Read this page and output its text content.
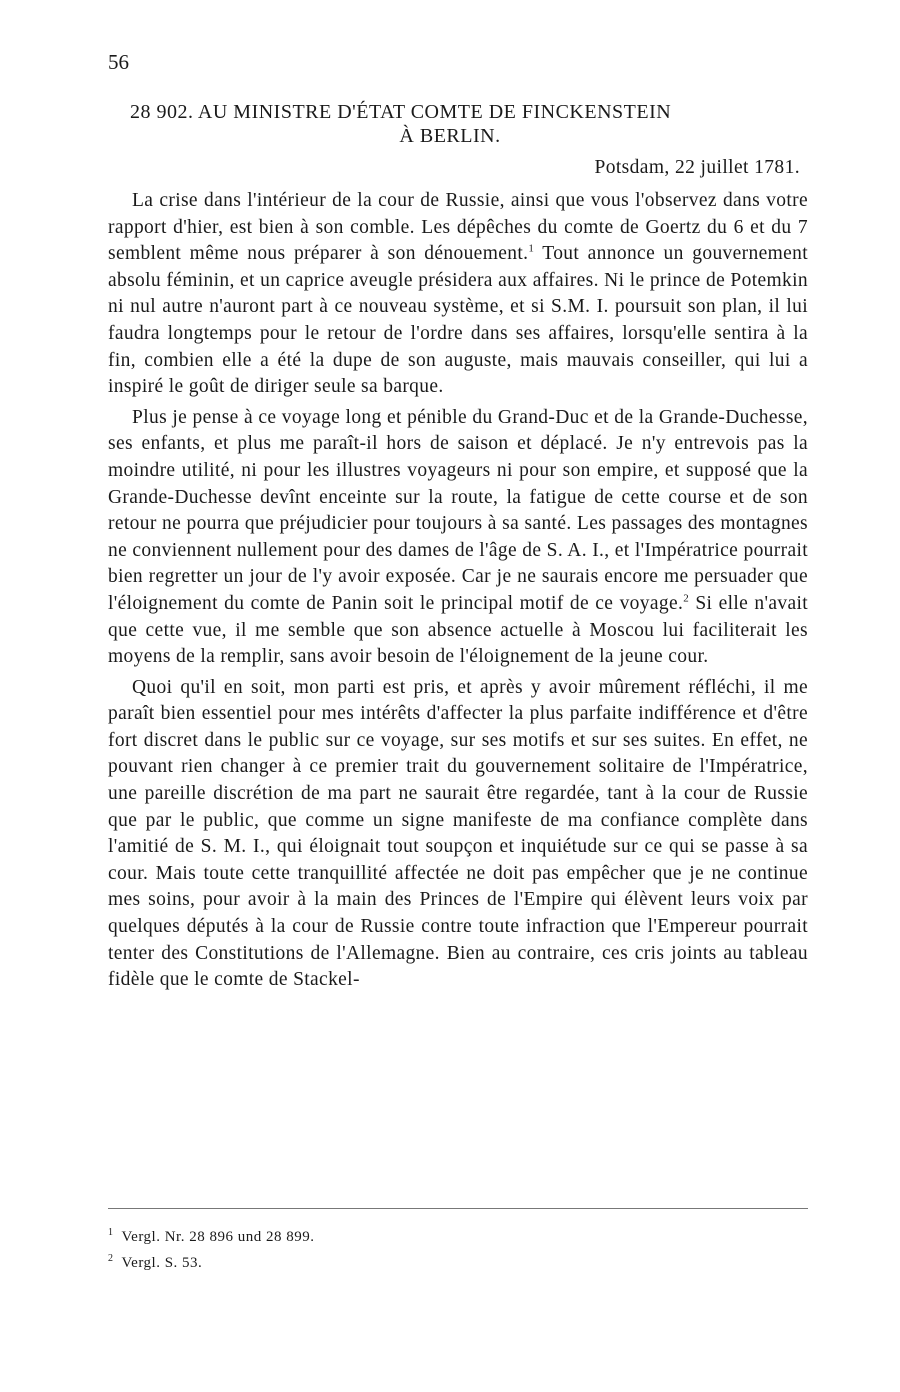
56
28 902. AU MINISTRE D'ÉTAT COMTE DE FINCKENSTEIN
À BERLIN.
Potsdam, 22 juillet 1781.

La crise dans l'intérieur de la cour de Russie, ainsi que vous l'observez dans votre rapport d'hier, est bien à son comble. Les dépêches du comte de Goertz du 6 et du 7 semblent même nous préparer à son dénouement.$^1$ Tout annonce un gouvernement absolu féminin, et un caprice aveugle présidera aux affaires. Ni le prince de Potemkin ni nul autre n'auront part à ce nouveau système, et si S.M. I. poursuit son plan, il lui faudra longtemps pour le retour de l'ordre dans ses affaires, lorsqu'elle sentira à la fin, combien elle a été la dupe de son auguste, mais mauvais conseiller, qui lui a inspiré le goût de diriger seule sa barque.

Plus je pense à ce voyage long et pénible du Grand-Duc et de la Grande-Duchesse, ses enfants, et plus me paraît-il hors de saison et déplacé. Je n'y entrevois pas la moindre utilité, ni pour les illustres voyageurs ni pour son empire, et supposé que la Grande-Duchesse devînt enceinte sur la route, la fatigue de cette course et de son retour ne pourra que préjudicier pour toujours à sa santé. Les passages des montagnes ne conviennent nullement pour des dames de l'âge de S. A. I., et l'Impératrice pourrait bien regretter un jour de l'y avoir exposée. Car je ne saurais encore me persuader que l'éloignement du comte de Panin soit le principal motif de ce voyage.$^2$ Si elle n'avait que cette vue, il me semble que son absence actuelle à Moscou lui faciliterait les moyens de la remplir, sans avoir besoin de l'éloignement de la jeune cour.

Quoi qu'il en soit, mon parti est pris, et après y avoir mûrement réfléchi, il me paraît bien essentiel pour mes intérêts d'affecter la plus parfaite indifférence et d'être fort discret dans le public sur ce voyage, sur ses motifs et sur ses suites. En effet, ne pouvant rien changer à ce premier trait du gouvernement solitaire de l'Impératrice, une pareille discrétion de ma part ne saurait être regardée, tant à la cour de Russie que par le public, que comme un signe manifeste de ma confiance complète dans l'amitié de S. M. I., qui éloignait tout soupçon et inquiétude sur ce qui se passe à sa cour. Mais toute cette tranquillité affectée ne doit pas empêcher que je ne continue mes soins, pour avoir à la main des Princes de l'Empire qui élèvent leurs voix par quelques députés à la cour de Russie contre toute infraction que l'Empereur pourrait tenter des Constitutions de l'Allemagne. Bien au contraire, ces cris joints au tableau fidèle que le comte de Stackel-

$^1$ Vergl. Nr. 28 896 und 28 899.

$^2$ Vergl. S. 53.
